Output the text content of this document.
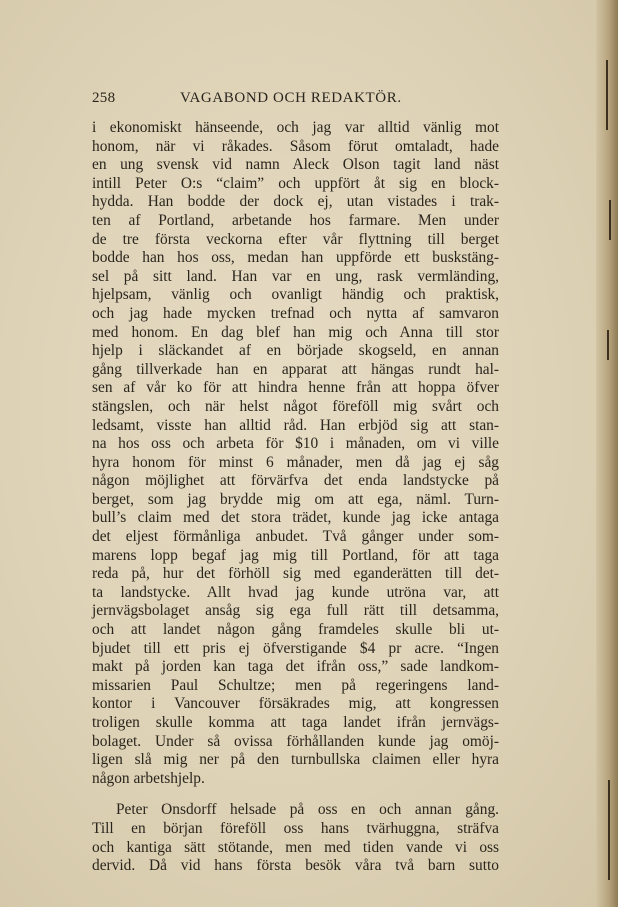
258	VAGABOND OCH REDAKTÖR.
i ekonomiskt hänseende, och jag var alltid vänlig mot
honom, när vi råkades. Såsom förut omtaladt, hade
en ung svensk vid namn Aleck Olson tagit land näst
intill Peter O:s “claim” och uppfört åt sig en block-
hydda. Han bodde der dock ej, utan vistades i trak-
ten af Portland, arbetande hos farmare. Men under
de tre första veckorna efter vår flyttning till berget
bodde han hos oss, medan han uppförde ett buskstäng-
sel på sitt land. Han var en ung, rask vermländing,
hjelpsam, vänlig och ovanligt händig och praktisk,
och jag hade mycken trefnad och nytta af samvaron
med honom. En dag blef han mig och Anna till stor
hjelp i släckandet af en började skogseld, en annan
gång tillverkade han en apparat att hängas rundt hal-
sen af vår ko för att hindra henne från att hoppa öfver
stängslen, och när helst något föreföll mig svårt och
ledsamt, visste han alltid råd. Han erbjöd sig att stan-
na hos oss och arbeta för $10 i månaden, om vi ville
hyra honom för minst 6 månader, men då jag ej såg
någon möjlighet att förvärfva det enda landstycke på
berget, som jag brydde mig om att ega, näml. Turn-
bull’s claim med det stora trädet, kunde jag icke antaga
det eljest förmånliga anbudet. Två gånger under som-
marens lopp begaf jag mig till Portland, för att taga
reda på, hur det förhöll sig med eganderätten till det-
ta landstycke. Allt hvad jag kunde utröna var, att
jernvägsbolaget ansåg sig ega full rätt till detsamma,
och att landet någon gång framdeles skulle bli ut-
bjudet till ett pris ej öfverstigande $4 pr acre. “Ingen
makt på jorden kan taga det ifrån oss,” sade landkom-
missarien Paul Schultze; men på regeringens land-
kontor i Vancouver försäkrades mig, att kongressen
troligen skulle komma att taga landet ifrån jernvägs-
bolaget. Under så ovissa förhållanden kunde jag omöj-
ligen slå mig ner på den turnbullska claimen eller hyra
någon arbetshjelp.
Peter Onsdorff helsade på oss en och annan gång.
Till en början föreföll oss hans tvärhuggna, sträfva
och kantiga sätt stötande, men med tiden vande vi oss
dervid. Då vid hans första besök våra två barn sutto
